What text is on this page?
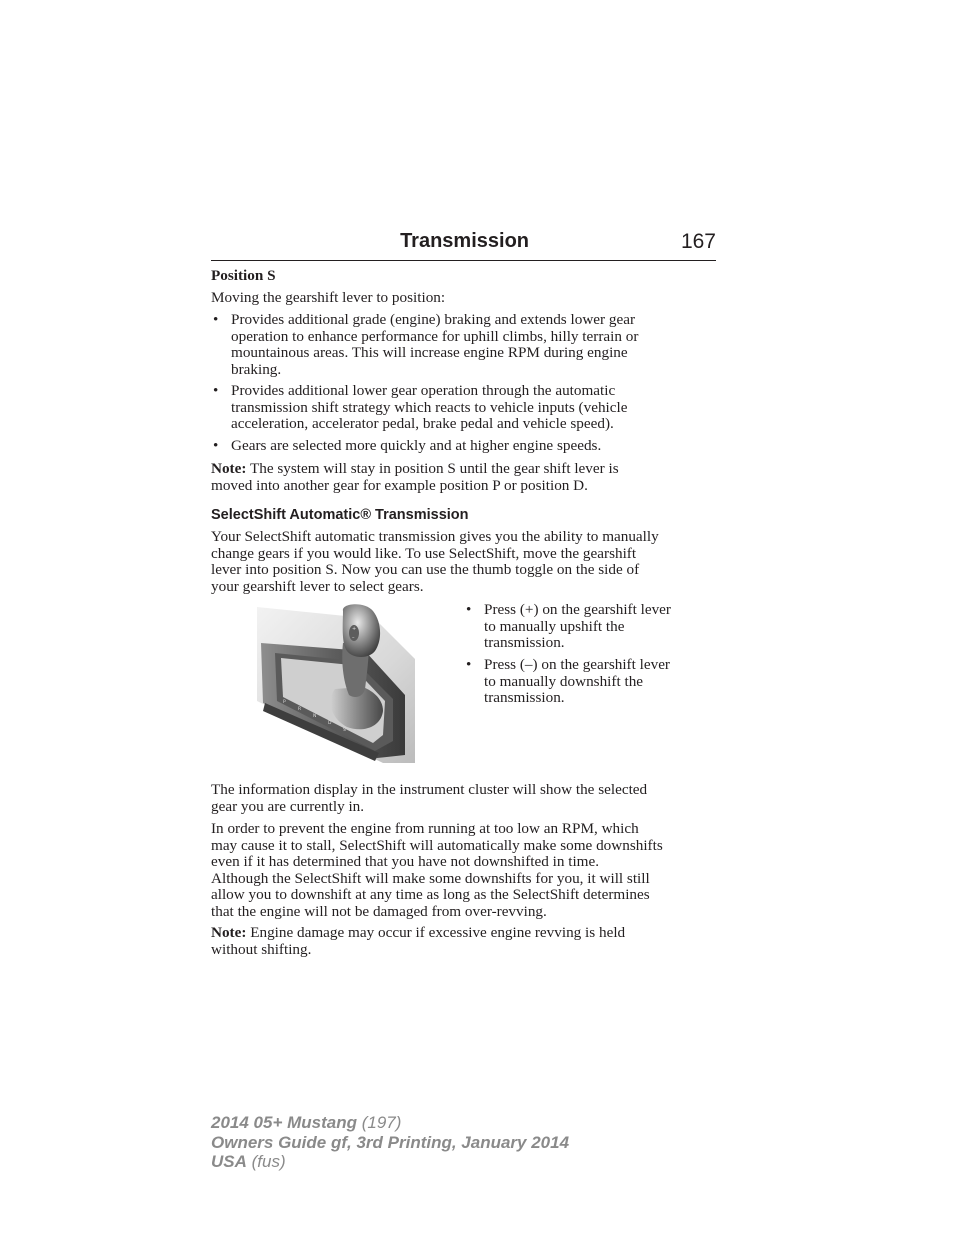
Transmission	167
Position S
Moving the gearshift lever to position:
• Provides additional grade (engine) braking and extends lower gear
operation to enhance performance for uphill climbs, hilly terrain or
mountainous areas. This will increase engine RPM during engine
braking.
• Provides additional lower gear operation through the automatic
transmission shift strategy which reacts to vehicle inputs (vehicle
acceleration, accelerator pedal, brake pedal and vehicle speed).
• Gears are selected more quickly and at higher engine speeds.
Note: The system will stay in position S until the gear shift lever is
moved into another gear for example position P or position D.
SelectShift Automatic® Transmission
Your SelectShift automatic transmission gives you the ability to manually
change gears if you would like. To use SelectShift, move the gearshift
lever into position S. Now you can use the thumb toggle on the side of
your gearshift lever to select gears.
+
–
P
R
N
D
S
• Press (+) on the gearshift lever
to manually upshift the
transmission.
• Press (–) on the gearshift lever
to manually downshift the
transmission.
The information display in the instrument cluster will show the selected
gear you are currently in.
In order to prevent the engine from running at too low an RPM, which
may cause it to stall, SelectShift will automatically make some downshifts
even if it has determined that you have not downshifted in time.
Although the SelectShift will make some downshifts for you, it will still
allow you to downshift at any time as long as the SelectShift determines
that the engine will not be damaged from over-revving.
Note: Engine damage may occur if excessive engine revving is held
without shifting.
2014 05+ Mustang (197)
Owners Guide gf, 3rd Printing, January 2014
USA (fus)
